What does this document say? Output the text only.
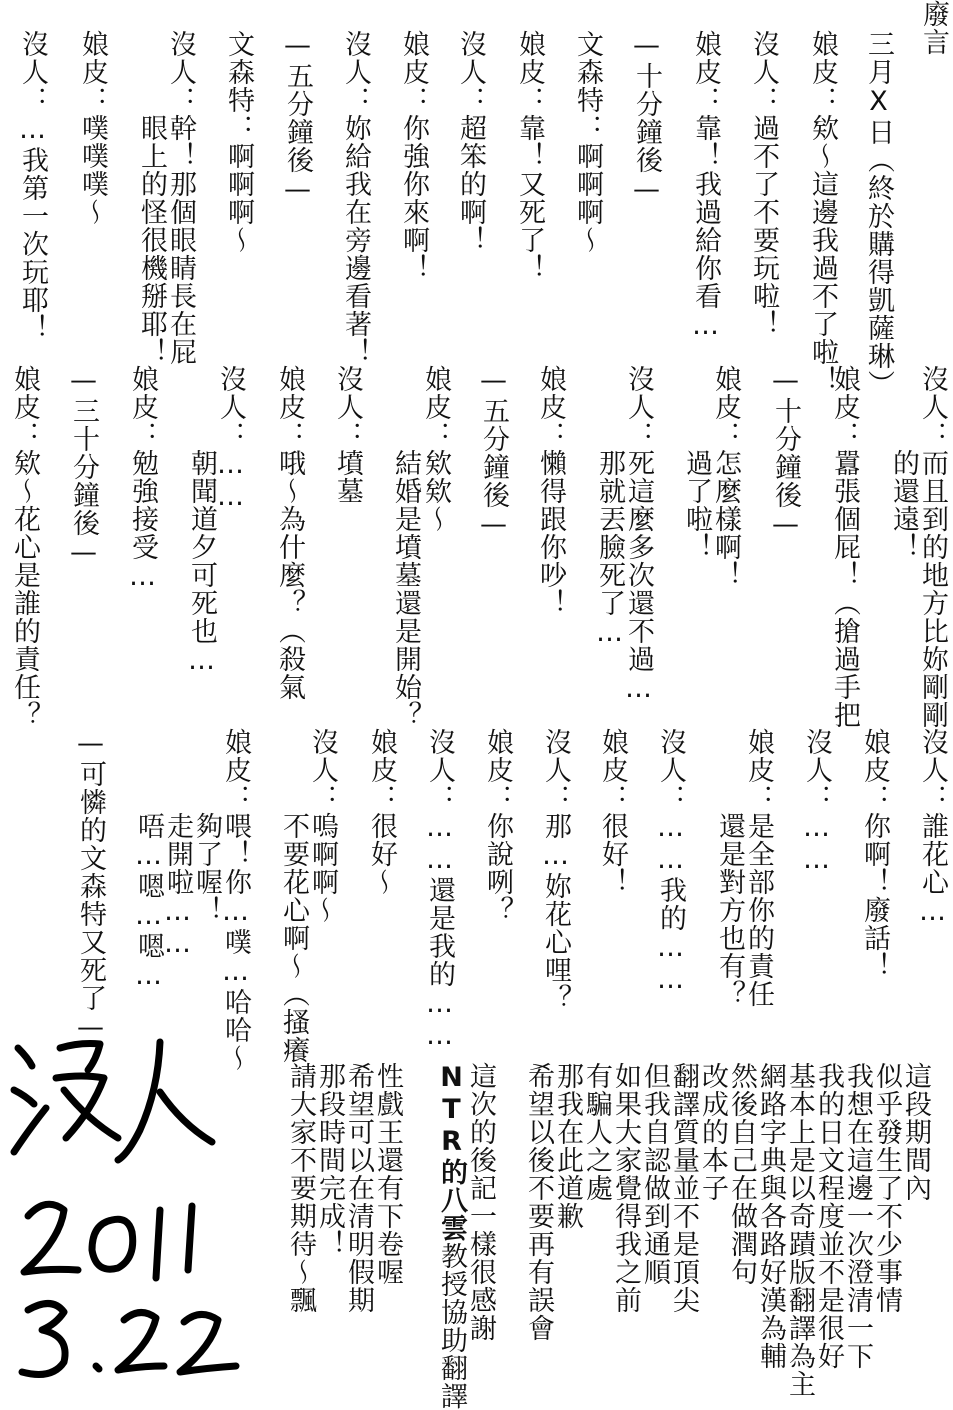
廢言
三月X日（終於購得凱薩琳）
娘皮：欸〜這邊我過不了啦！
沒人：過不了不要玩啦！
娘皮：靠！我過給你看…
—十分鐘後—
文森特：啊啊啊〜
娘皮：靠！又死了！
沒人：超笨的啊！
娘皮：你強你來啊！
沒人：妳給我在旁邊看著！
—五分鐘後—
文森特：啊啊啊〜
沒人：幹！那個眼睛長在屁
　　　眼上的怪很機掰耶！
娘皮：噗噗噗〜
沒人：…我第一次玩耶！
沒人：而且到的地方比妳剛剛
　　　的還遠！
娘皮：囂張個屁！（搶過手把
—十分鐘後—
娘皮：怎麼樣啊！
　　　過了啦！
沒人：死這麼多次還不過…
　　　那就丟臉死了…
娘皮：懶得跟你吵！
—五分鐘後—
娘皮：欸欸〜
　　　結婚是墳墓還是開始？
沒人：墳墓
娘皮：哦〜為什麼？（殺氣
沒人：……
　　　朝聞道夕可死也…
娘皮：勉強接受…
—三十分鐘後—
娘皮：欸〜花心是誰的責任？
沒人：誰花心…
娘皮：你啊！廢話！
沒人：……
娘皮：是全部你的責任
　　　還是對方也有？
沒人：……我的……
娘皮：很好！
沒人：那…妳花心哩？
娘皮：你說咧？
沒人：……還是我的……
娘皮：很好〜
沒人：嗚啊啊〜
　　　不要花心啊〜（搔癢
娘皮：喂！你…噗…哈哈〜
　　　夠了喔！
　　　走開啦……
　　　唔…嗯…嗯…
—可憐的文森特又死了—
這段期間內
似乎發生了不少事情
我想在這邊一次澄清一下
我的日文程度並不是很好
基本上是以奇蹟版翻譯為主
網路字典與各路好漢為輔
然後自己在做潤句
改成的本子
翻譯質量並不是頂尖
但我自認做到通順
如果大家覺得我之前
有騙人之處
那我在此道歉
希望以後不要再有誤會
這次的後記一樣很感謝
NTR的八雲教授協助翻譯
性戲王還有下卷喔
希望可以在清明假期
那段時間完成！
請大家不要期待〜飄
